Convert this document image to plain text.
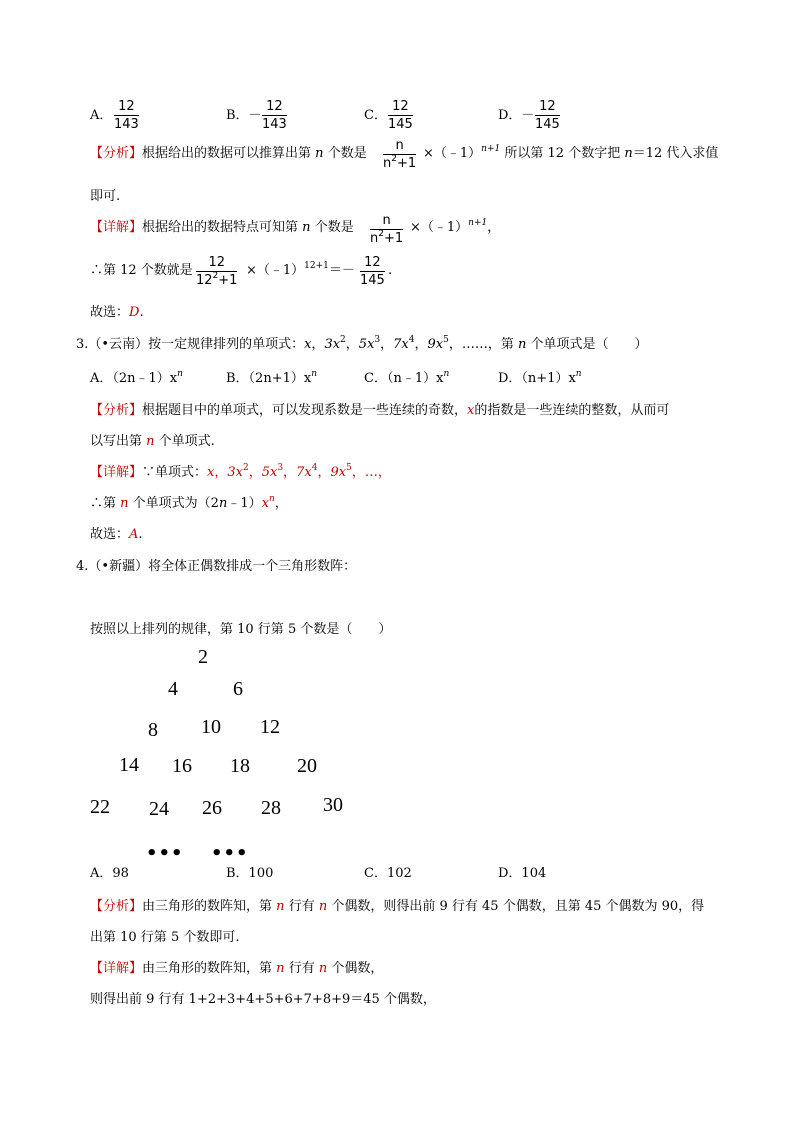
A． $\frac{12}{143}$	B．－ $\frac{12}{143}$	C． $\frac{12}{145}$	D．－ $\frac{12}{145}$
【分析】根据给出的数据可以推算出第 n 个数是 $\frac{n}{n^2+1}$ ×（﹣1）$^{n+1}$ 所以第 12 个数字把 n＝12 代入求值
即可.
【详解】根据给出的数据特点可知第 n 个数是 $\frac{n}{n^2+1}$ ×（﹣1）$^{n+1}$，
∴第 12 个数就是 $\frac{12}{12^2+1}$ ×（﹣1）$^{12+1}$＝－ $\frac{12}{145}$ .
故选：D.
3.（•云南）按一定规律排列的单项式：x，$3x^2$，$5x^3$，$7x^4$，$9x^5$，……，第 n 个单项式是（　　）
A．$(2n﹣1)x^n$	B．$(2n+1)x^n$	C．$(n﹣1)x^n$	D．$(n+1)x^n$
【分析】根据题目中的单项式，可以发现系数是一些连续的奇数，x的指数是一些连续的整数，从而可
以写出第 n 个单项式.
【详解】∵单项式：x，$3x^2$，$5x^3$，$7x^4$，$9x^5$，…，
∴第 n 个单项式为$(2n﹣1)x^n$，
故选：A.
4.（•新疆）将全体正偶数排成一个三角形数阵：
按照以上排列的规律，第 10 行第 5 个数是（　　）
2
4	6
8 10 12
14 16 18 20
22 24 26 28 30
••• •••
A．98	B．100	C．102	D．104
【分析】由三角形的数阵知，第 n 行有 n 个偶数，则得出前 9 行有 45 个偶数，且第 45 个偶数为 90，得
出第 10 行第 5 个数即可.
【详解】由三角形的数阵知，第 n 行有 n 个偶数，
则得出前 9 行有 1+2+3+4+5+6+7+8+9＝45 个偶数，
